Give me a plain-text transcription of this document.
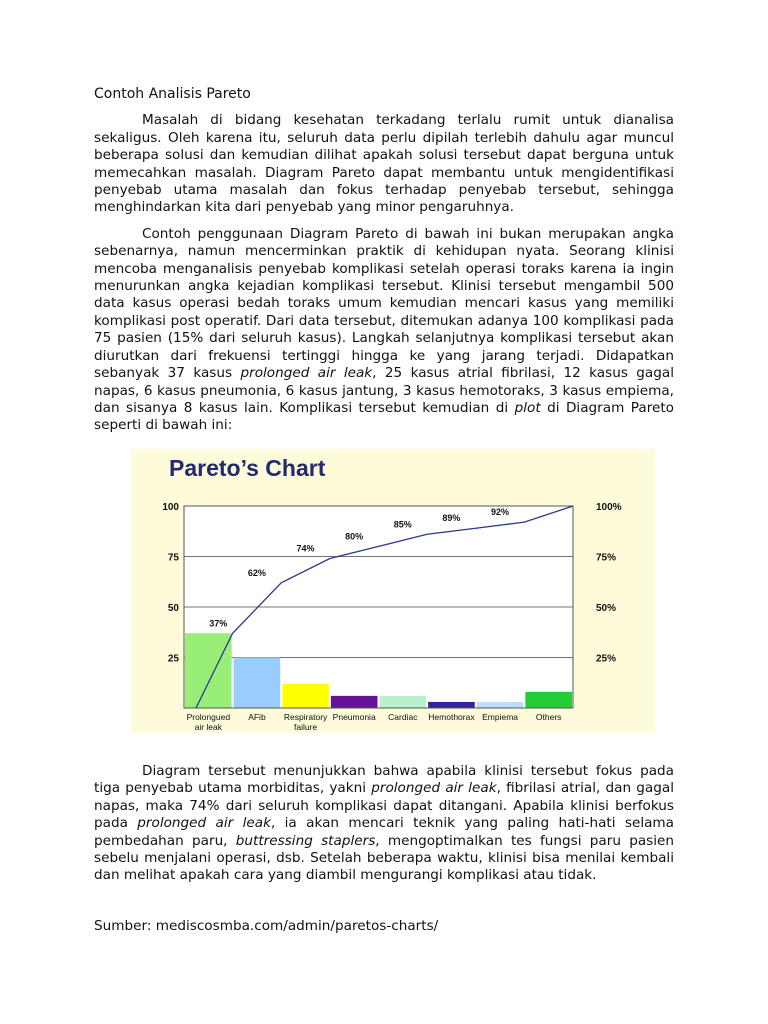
Contoh Analisis Pareto

Masalah di bidang kesehatan terkadang terlalu rumit untuk dianalisa sekaligus. Oleh karena itu, seluruh data perlu dipilah terlebih dahulu agar muncul beberapa solusi dan kemudian dilihat apakah solusi tersebut dapat berguna untuk memecahkan masalah. Diagram Pareto dapat membantu untuk mengidentifikasi penyebab utama masalah dan fokus terhadap penyebab tersebut, sehingga menghindarkan kita dari penyebab yang minor pengaruhnya.

Contoh penggunaan Diagram Pareto di bawah ini bukan merupakan angka sebenarnya, namun mencerminkan praktik di kehidupan nyata. Seorang klinisi mencoba menganalisis penyebab komplikasi setelah operasi toraks karena ia ingin menurunkan angka kejadian komplikasi tersebut. Klinisi tersebut mengambil 500 data kasus operasi bedah toraks umum kemudian mencari kasus yang memiliki komplikasi post operatif. Dari data tersebut, ditemukan adanya 100 komplikasi pada 75 pasien (15% dari seluruh kasus). Langkah selanjutnya komplikasi tersebut akan diurutkan dari frekuensi tertinggi hingga ke yang jarang terjadi. Didapatkan sebanyak 37 kasus prolonged air leak, 25 kasus atrial fibrilasi, 12 kasus gagal napas, 6 kasus pneumonia, 6 kasus jantung, 3 kasus hemotoraks, 3 kasus empiema, dan sisanya 8 kasus lain. Komplikasi tersebut kemudian di plot di Diagram Pareto seperti di bawah ini:

Pareto’s Chart
25	25%
50	50%
75	75%
100	100%
Prolongued
air leak
AFib Respiratory
failure
Pneumonia Cardiac Hemothorax Empiema Others
37%
62%
74%
80%
85%
89%
92%

Diagram tersebut menunjukkan bahwa apabila klinisi tersebut fokus pada tiga penyebab utama morbiditas, yakni prolonged air leak, fibrilasi atrial, dan gagal napas, maka 74% dari seluruh komplikasi dapat ditangani. Apabila klinisi berfokus pada prolonged air leak, ia akan mencari teknik yang paling hati-hati selama pembedahan paru, buttressing staplers, mengoptimalkan tes fungsi paru pasien sebelu menjalani operasi, dsb. Setelah beberapa waktu, klinisi bisa menilai kembali dan melihat apakah cara yang diambil mengurangi komplikasi atau tidak.

Sumber: mediscosmba.com/admin/paretos-charts/
